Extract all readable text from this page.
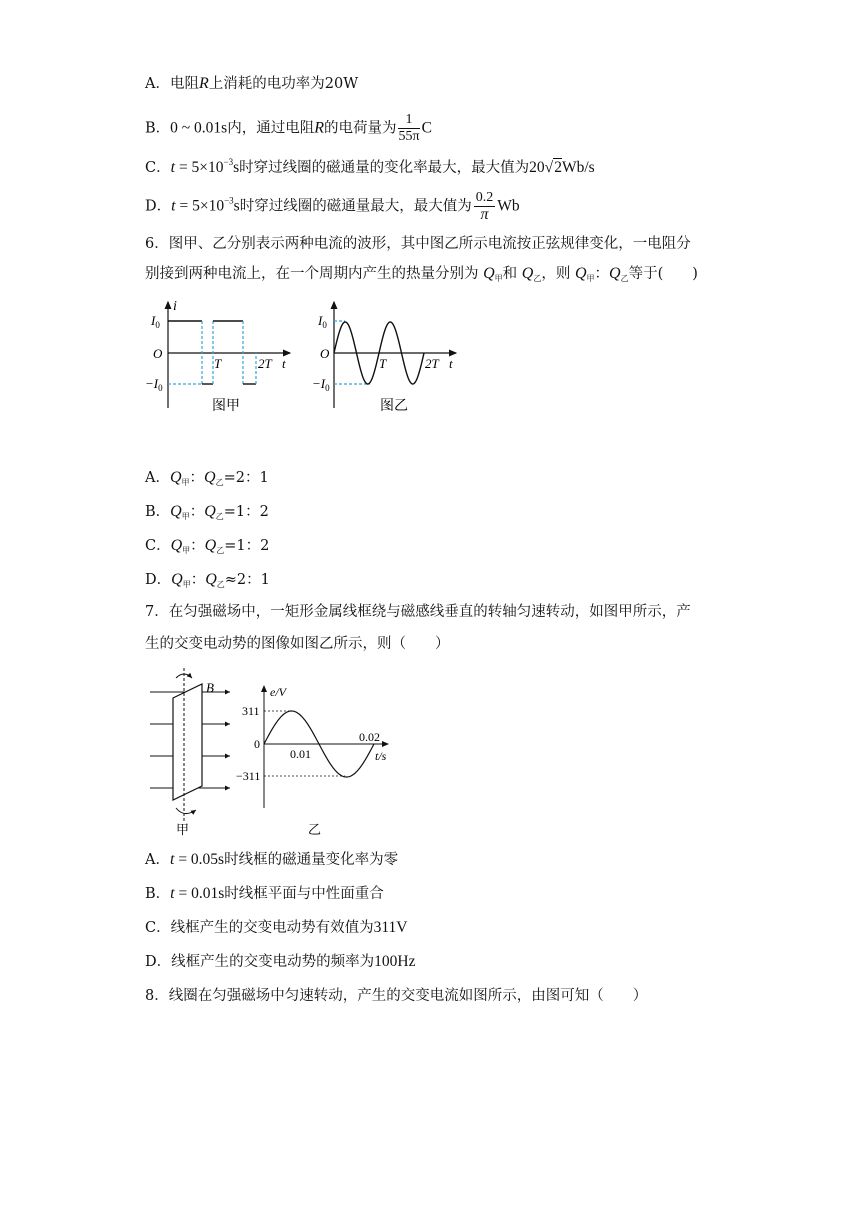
A．电阻R上消耗的电功率为20W
B．0 ~ 0.01s内，通过电阻R的电荷量为 $\frac{1}{55\pi}$ C
C．$t = 5\times 10^{-3}s$时穿过线圈的磁通量的变化率最大，最大值为20√2Wb/s
D．$t = 5\times 10^{-3}s$时穿过线圈的磁通量最大，最大值为 $\frac{0.2}{\pi}$ Wb
6．图甲、乙分别表示两种电流的波形，其中图乙所示电流按正弦规律变化，一电阻分
别接到两种电流上，在一个周期内产生的热量分别为 $Q_甲$和 $Q_乙$，则 $Q_甲$：$Q_乙$等于(　　)
i
$I_0$
O
$-I_0$
T	2T t
图甲
$I_0$
O
$-I_0$
T	2T t
图乙
A．$Q_甲$：$Q_乙=2$：1
B．$Q_甲$：$Q_乙=1$：2
C．$Q_甲$：$Q_乙=1$：2
D．$Q_甲$：$Q_乙\approx 2$：1
7．在匀强磁场中，一矩形金属线框绕与磁感线垂直的转轴匀速转动，如图甲所示，产
生的交变电动势的图像如图乙所示，则（　　）
B
甲
e/V
311
0
−311
0.01
0.02
t/s
乙
A．t = 0.05s时线框的磁通量变化率为零
B．t = 0.01s时线框平面与中性面重合
C．线框产生的交变电动势有效值为311V
D．线框产生的交变电动势的频率为100Hz
8．线圈在匀强磁场中匀速转动，产生的交变电流如图所示，由图可知（　　）
